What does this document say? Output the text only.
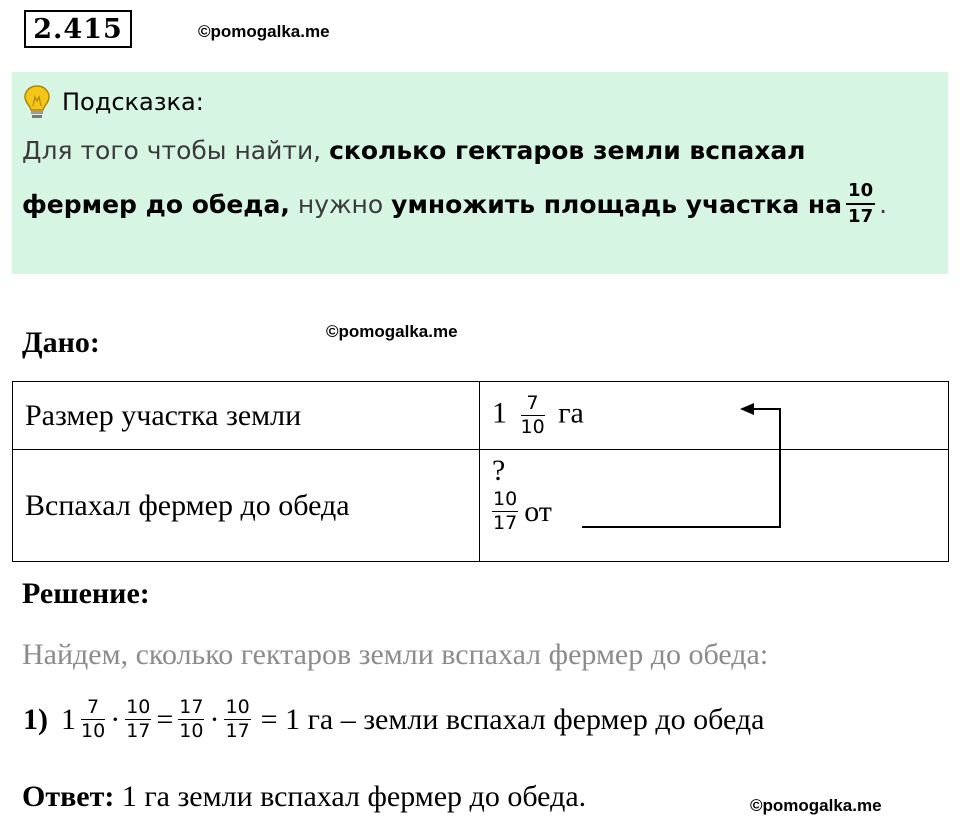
2.415	©pomogalka.me
Подсказка:
Для того чтобы найти, сколько гектаров земли вспахал
фермер до обеда, нужно умножить площадь участка на $\frac{10}{17}$ .
Дано:	©pomogalka.me
Размер участка земли	$1 \frac{7}{10}$ га
Вспахал фермер до обеда	?
$\frac{10}{17}$ от
Решение:
Найдем, сколько гектаров земли вспахал фермер до обеда:
1) $1 \frac{7}{10} \cdot \frac{10}{17} = \frac{17}{10} \cdot \frac{10}{17} = 1$ га – земли вспахал фермер до обеда
Ответ: 1 га земли вспахал фермер до обеда.	©pomogalka.me
